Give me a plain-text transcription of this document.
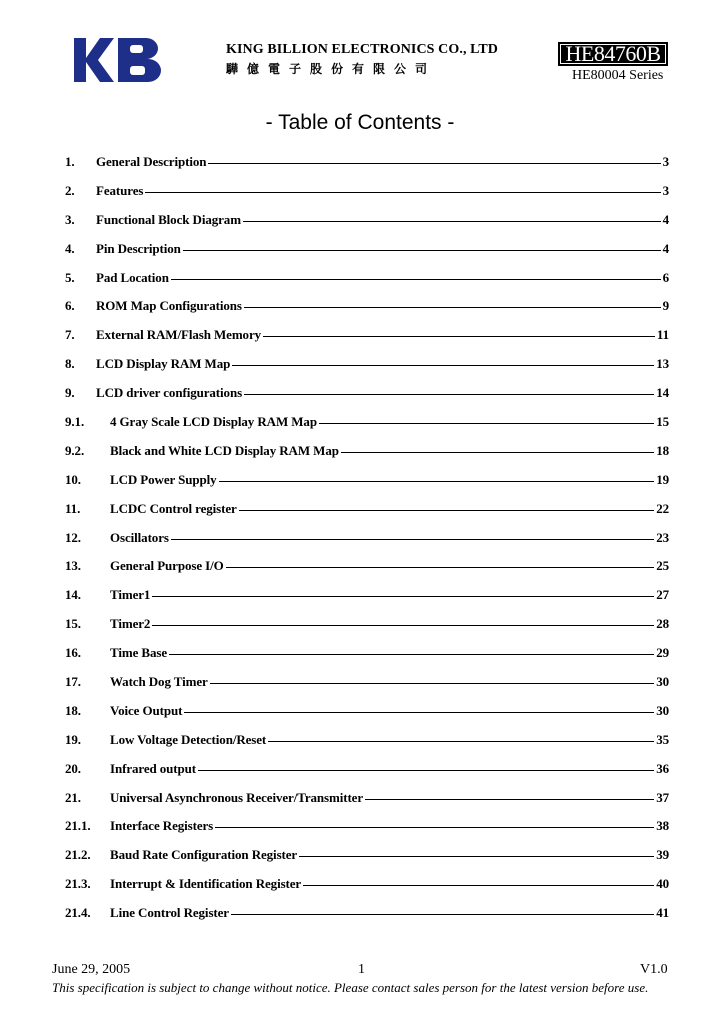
KING BILLION ELECTRONICS CO., LTD
驊億電子股份有限公司
HE84760B
HE80004 Series
- Table of Contents -
1.	General Description	3
2.	Features	3
3.	Functional Block Diagram	4
4.	Pin Description	4
5.	Pad Location	6
6.	ROM Map Configurations	9
7.	External RAM/Flash Memory	11
8.	LCD Display RAM Map	13
9.	LCD driver configurations	14
9.1.	4 Gray Scale LCD Display RAM Map	15
9.2.	Black and White LCD Display RAM Map	18
10.	LCD Power Supply	19
11.	LCDC Control register	22
12.	Oscillators	23
13.	General Purpose I/O	25
14.	Timer1	27
15.	Timer2	28
16.	Time Base	29
17.	Watch Dog Timer	30
18.	Voice Output	30
19.	Low Voltage Detection/Reset	35
20.	Infrared output	36
21.	Universal Asynchronous Receiver/Transmitter	37
21.1.	Interface Registers	38
21.2.	Baud Rate Configuration Register	39
21.3.	Interrupt & Identification Register	40
21.4.	Line Control Register	41
June 29, 2005	1	V1.0
This specification is subject to change without notice. Please contact sales person for the latest version before use.
